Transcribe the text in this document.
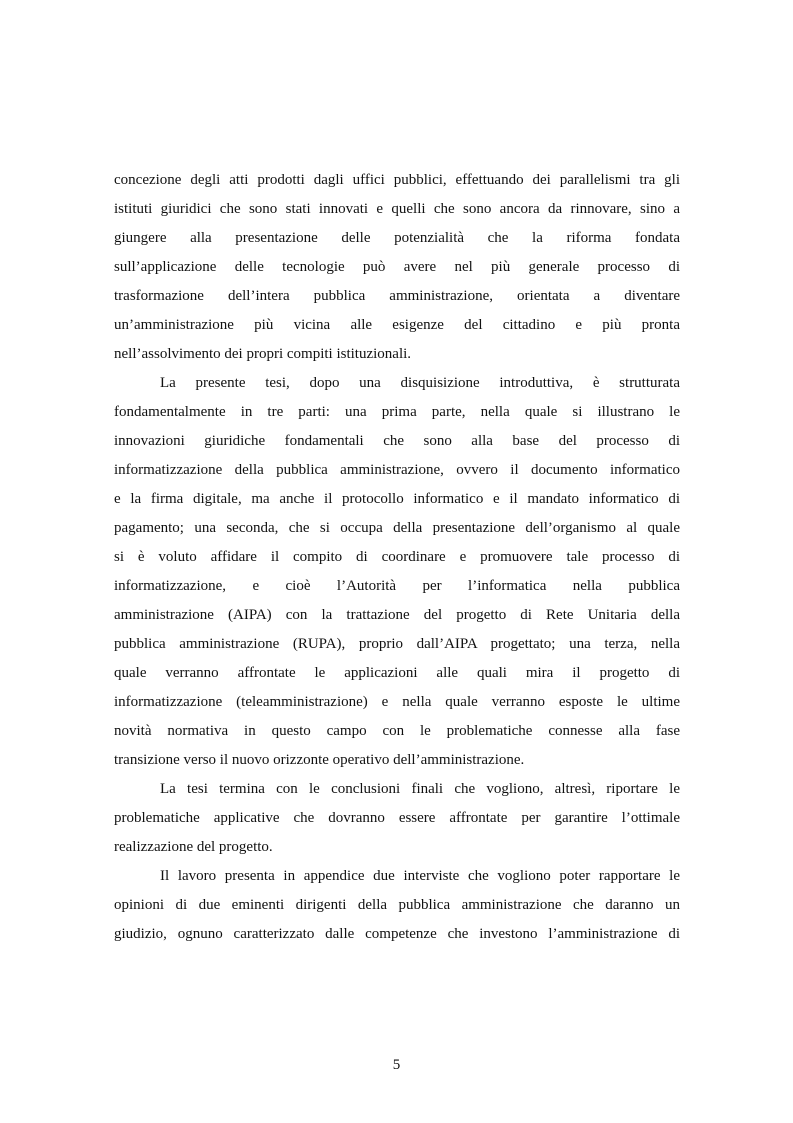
concezione degli atti prodotti dagli uffici pubblici, effettuando dei parallelismi tra gli
istituti giuridici che sono stati innovati e quelli che sono ancora da rinnovare, sino a
giungere alla presentazione delle potenzialità che la riforma fondata
sull’applicazione delle tecnologie può avere nel più generale processo di
trasformazione dell’intera pubblica amministrazione, orientata a diventare
un’amministrazione più vicina alle esigenze del cittadino e più pronta
nell’assolvimento dei propri compiti istituzionali.
La presente tesi, dopo una disquisizione introduttiva, è strutturata
fondamentalmente in tre parti: una prima parte, nella quale si illustrano le
innovazioni giuridiche fondamentali che sono alla base del processo di
informatizzazione della pubblica amministrazione, ovvero il documento informatico
e la firma digitale, ma anche il protocollo informatico e il mandato informatico di
pagamento; una seconda, che si occupa della presentazione dell’organismo al quale
si è voluto affidare il compito di coordinare e promuovere tale processo di
informatizzazione, e cioè l’Autorità per l’informatica nella pubblica
amministrazione (AIPA) con la trattazione del progetto di Rete Unitaria della
pubblica amministrazione (RUPA), proprio dall’AIPA progettato; una terza, nella
quale verranno affrontate le applicazioni alle quali mira il progetto di
informatizzazione (teleamministrazione) e nella quale verranno esposte le ultime
novità normativa in questo campo con le problematiche connesse alla fase
transizione verso il nuovo orizzonte operativo dell’amministrazione.
La tesi termina con le conclusioni finali che vogliono, altresì, riportare le
problematiche applicative che dovranno essere affrontate per garantire l’ottimale
realizzazione del progetto.
Il lavoro presenta in appendice due interviste che vogliono poter rapportare le
opinioni di due eminenti dirigenti della pubblica amministrazione che daranno un
giudizio, ognuno caratterizzato dalle competenze che investono l’amministrazione di
5
